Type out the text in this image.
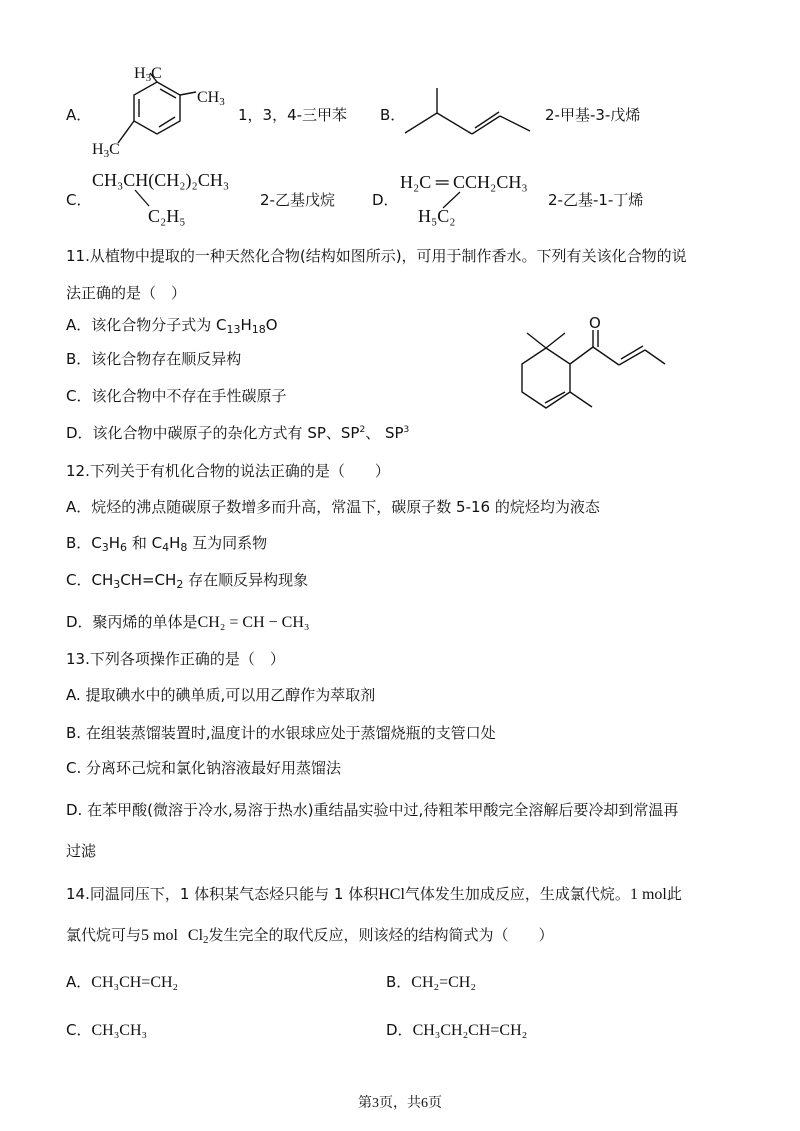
A．
$H_3C$
$CH_3$
$H_3C$
1，3，4-三甲苯 B．	2-甲基-3-戊烯
C．
CH₃CH(CH₂)₂CH₃
C₂H₅
2-乙基戊烷 D．
H₂C ═ CCH₂CH₃
H₅C₂
2-乙基-1-丁烯
11.从植物中提取的一种天然化合物(结构如图所示)，可用于制作香水。下列有关该化合物的说
法正确的是（　）
A．该化合物分子式为 $C_{13}H_{18}O$
B．该化合物存在顺反异构
C．该化合物中不存在手性碳原子
D．该化合物中碳原子的杂化方式有 SP、$SP^2$、 $SP^3$
O
12.下列关于有机化合物的说法正确的是（　　）
A．烷烃的沸点随碳原子数增多而升高，常温下，碳原子数 5-16 的烷烃均为液态
B．$C_3H_6$ 和 $C_4H_8$ 互为同系物
C．$CH_3CH=CH_2$ 存在顺反异构现象
D．聚丙烯的单体是CH₂ = CH − CH₃
13.下列各项操作正确的是（　）
A. 提取碘水中的碘单质,可以用乙醇作为萃取剂
B. 在组装蒸馏装置时,温度计的水银球应处于蒸馏烧瓶的支管口处
C. 分离环己烷和氯化钠溶液最好用蒸馏法
D. 在苯甲酸(微溶于冷水,易溶于热水)重结晶实验中过,待粗苯甲酸完全溶解后要冷却到常温再
过滤
14.同温同压下，1 体积某气态烃只能与 1 体积HCl气体发生加成反应，生成氯代烷。1 mol此
氯代烷可与5 mol $Cl_2$发生完全的取代反应，则该烃的结构简式为（　　）
A．CH₃CH=CH₂	B．CH₂=CH₂
C．CH₃CH₃	D．CH₃CH₂CH=CH₂
第3页，共6页
